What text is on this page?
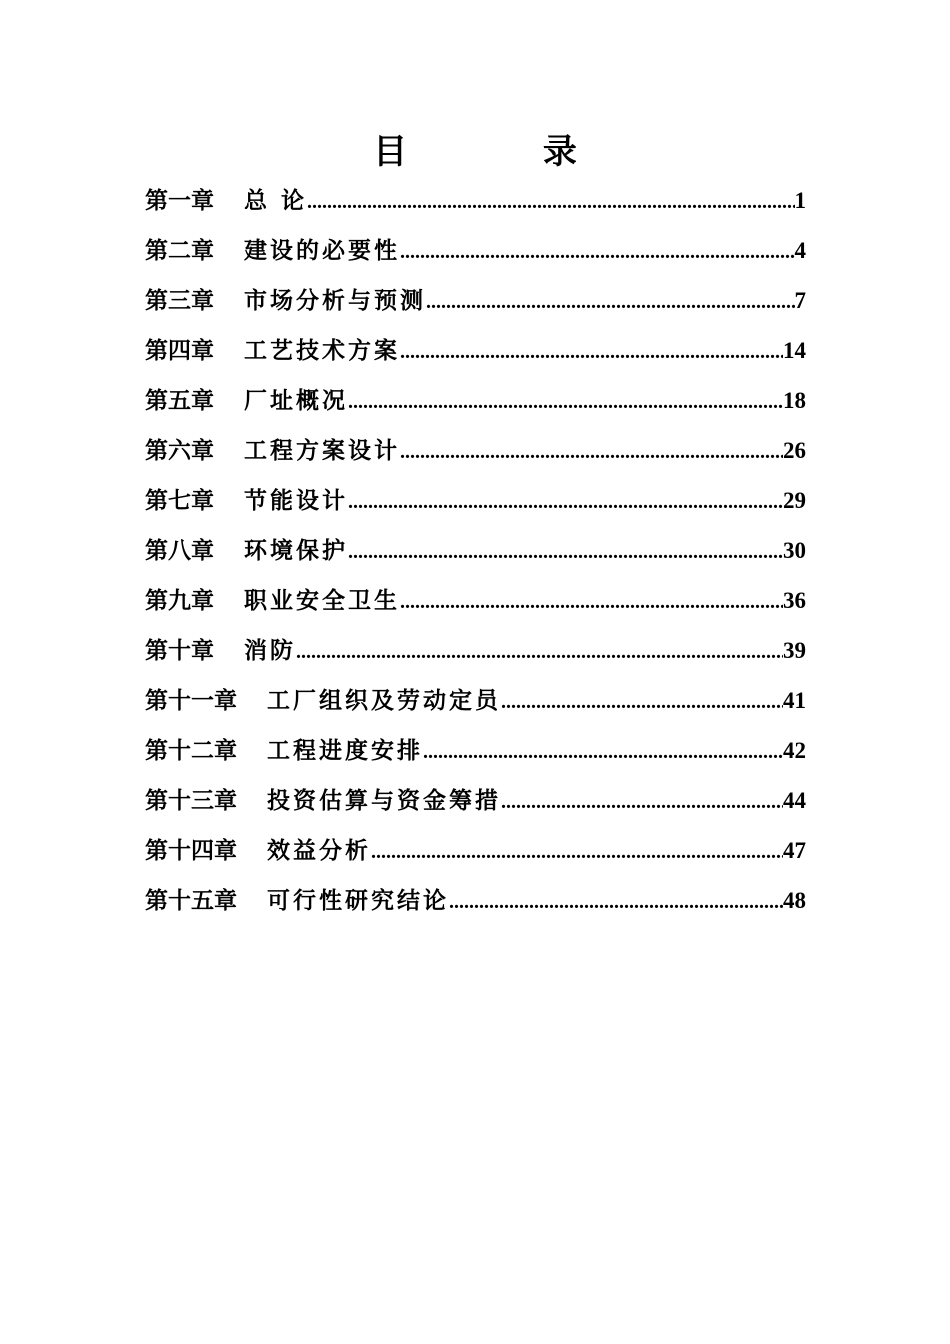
目 录
第一章 总 论 .....	1
第二章 建设的必要性 .....	4
第三章 市场分析与预测 .....	7
第四章 工艺技术方案 .....	14
第五章 厂址概况 .....	18
第六章 工程方案设计 .....	26
第七章 节能设计 .....	29
第八章 环境保护 .....	30
第九章 职业安全卫生 .....	36
第十章 消防 .....	39
第十一章 工厂组织及劳动定员 .....	41
第十二章 工程进度安排 .....	42
第十三章 投资估算与资金筹措 .....	44
第十四章 效益分析 .....	47
第十五章 可行性研究结论 .....	48
